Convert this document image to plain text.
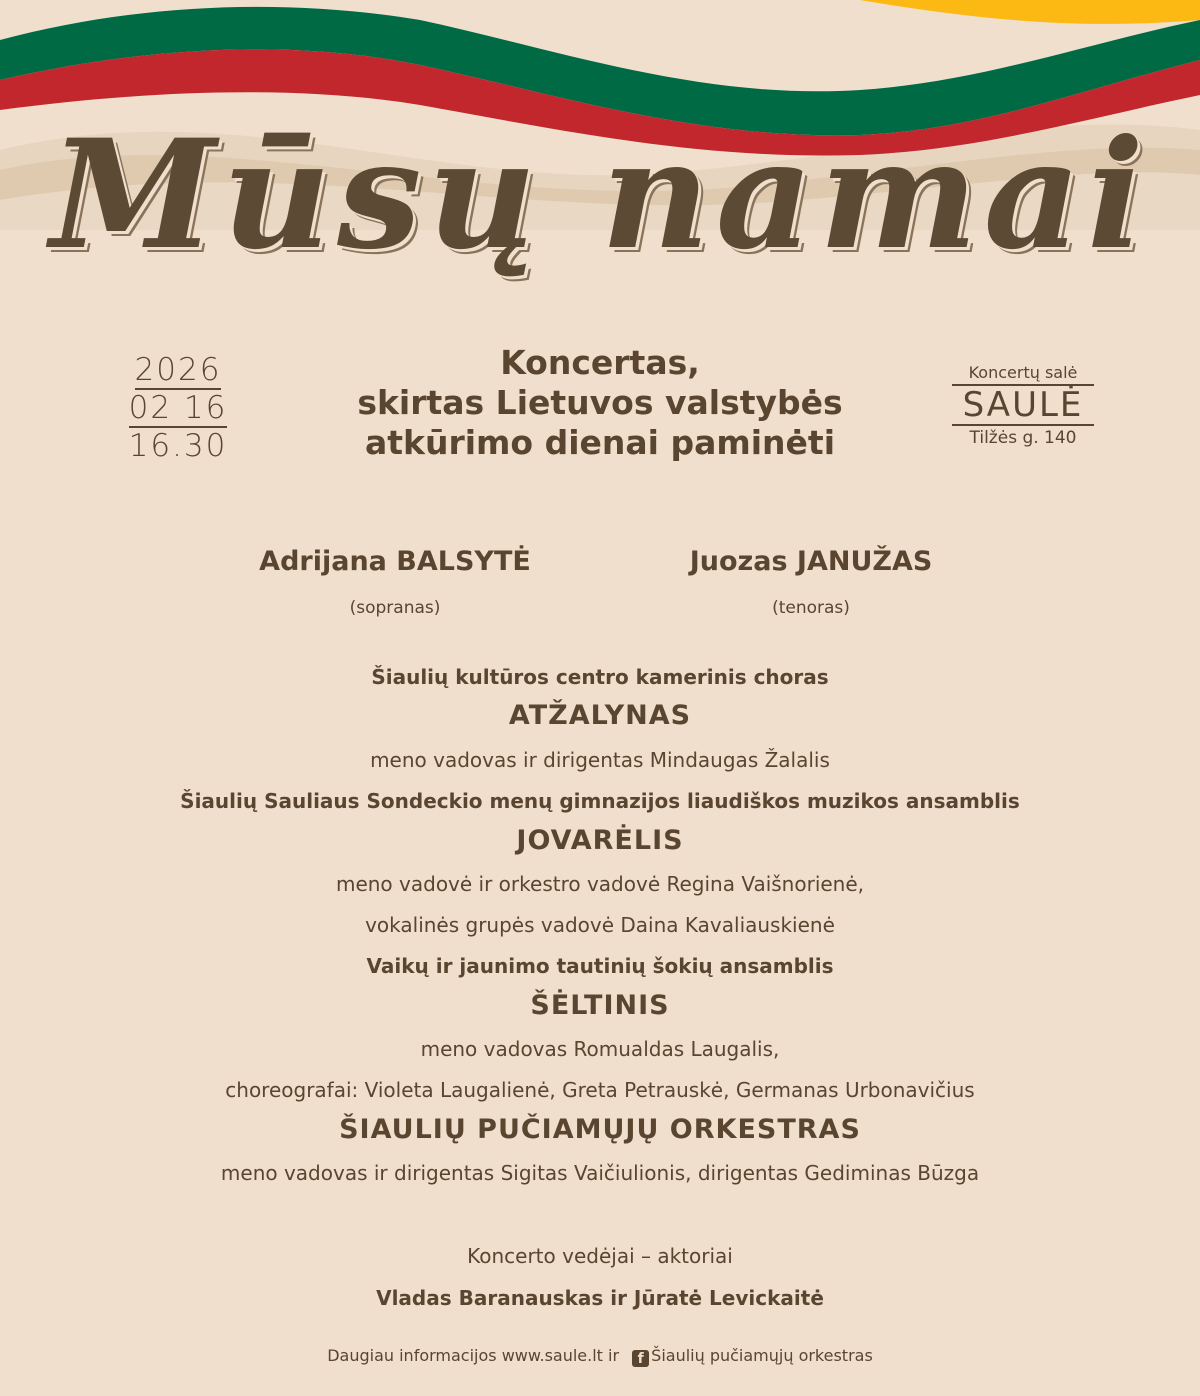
Mūsų namai
2026
02 16
16.30
Koncertas,
skirtas Lietuvos valstybės
atkūrimo dienai paminėti
Koncertų salė
SAULĖ
Tilžės g. 140
Adrijana BALSYTĖ
(sopranas)
Juozas JANUŽAS
(tenoras)
Šiaulių kultūros centro kamerinis choras
ATŽALYNAS
meno vadovas ir dirigentas Mindaugas Žalalis
Šiaulių Sauliaus Sondeckio menų gimnazijos liaudiškos muzikos ansamblis
JOVARĖLIS
meno vadovė ir orkestro vadovė Regina Vaišnorienė,
vokalinės grupės vadovė Daina Kavaliauskienė
Vaikų ir jaunimo tautinių šokių ansamblis
ŠĖLTINIS
meno vadovas Romualdas Laugalis,
choreografai: Violeta Laugalienė, Greta Petrauskė, Germanas Urbonavičius
ŠIAULIŲ PUČIAMŲJŲ ORKESTRAS
meno vadovas ir dirigentas Sigitas Vaičiulionis, dirigentas Gediminas Būzga
Koncerto vedėjai – aktoriai
Vladas Baranauskas ir Jūratė Levickaitė
Daugiau informacijos www.saule.lt ir f Šiaulių pučiamųjų orkestras
